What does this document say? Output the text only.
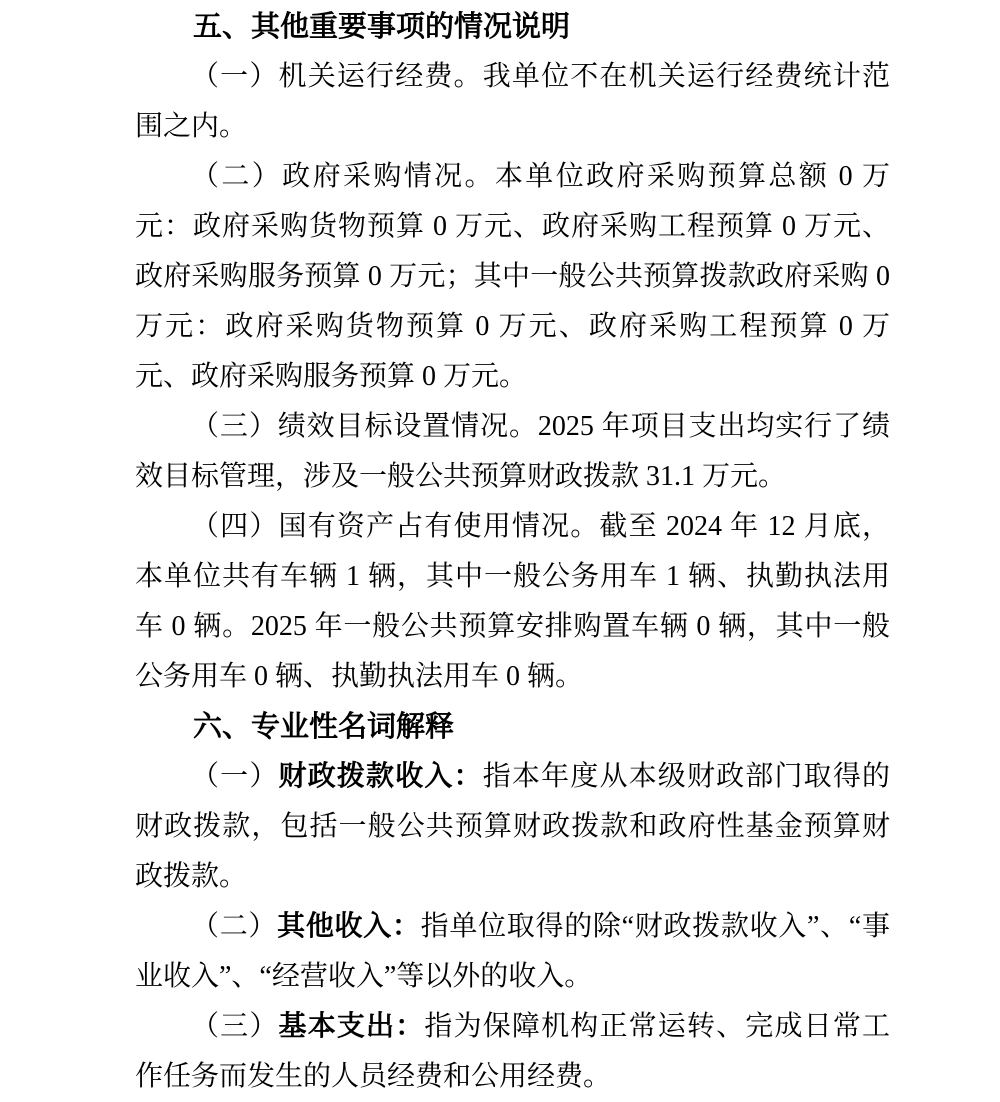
五、其他重要事项的情况说明

（一）机关运行经费。我单位不在机关运行经费统计范围之内。

（二）政府采购情况。本单位政府采购预算总额 0 万元：政府采购货物预算 0 万元、政府采购工程预算 0 万元、政府采购服务预算 0 万元；其中一般公共预算拨款政府采购 0 万元：政府采购货物预算 0 万元、政府采购工程预算 0 万元、政府采购服务预算 0 万元。

（三）绩效目标设置情况。2025 年项目支出均实行了绩效目标管理，涉及一般公共预算财政拨款 31.1 万元。

（四）国有资产占有使用情况。截至 2024 年 12 月底，本单位共有车辆 1 辆，其中一般公务用车 1 辆、执勤执法用车 0 辆。2025 年一般公共预算安排购置车辆 0 辆，其中一般公务用车 0 辆、执勤执法用车 0 辆。

六、专业性名词解释

（一）财政拨款收入：指本年度从本级财政部门取得的财政拨款，包括一般公共预算财政拨款和政府性基金预算财政拨款。

（二）其他收入：指单位取得的除“财政拨款收入”、“事业收入”、“经营收入”等以外的收入。

（三）基本支出：指为保障机构正常运转、完成日常工作任务而发生的人员经费和公用经费。
